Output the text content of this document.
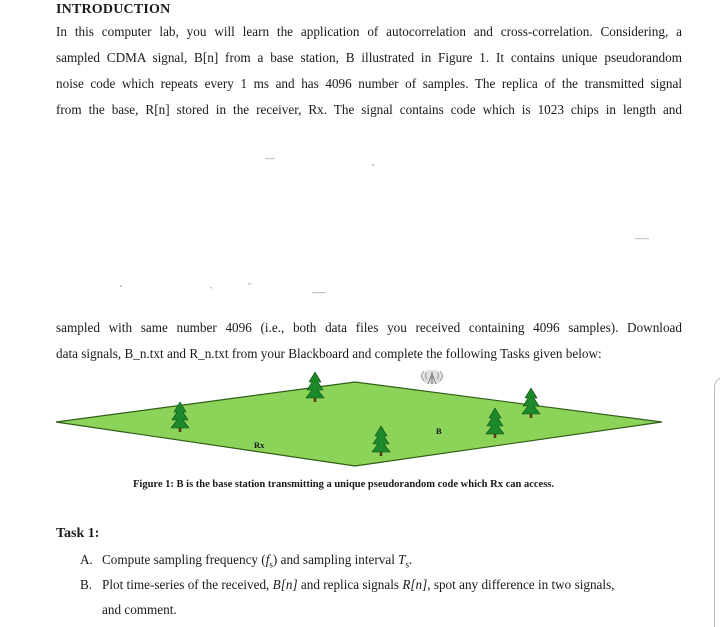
INTRODUCTION
In this computer lab, you will learn the application of autocorrelation and cross-correlation. Considering, a
sampled CDMA signal, B[n] from a base station, B illustrated in Figure 1. It contains unique pseudorandom
noise code which repeats every 1 ms and has 4096 number of samples. The replica of the transmitted signal
from the base, R[n] stored in the receiver, Rx. The signal contains code which is 1023 chips in length and
sampled with same number 4096 (i.e., both data files you received containing 4096 samples). Download
data signals, B_n.txt and R_n.txt from your Blackboard and complete the following Tasks given below:
Rx
B
Figure 1: B is the base station transmitting a unique pseudorandom code which Rx can access.
Task 1:
A. Compute sampling frequency $(f_s)$ and sampling interval $T_s$.
B. Plot time-series of the received, B[n] and replica signals R[n], spot any difference in two signals,
and comment.
